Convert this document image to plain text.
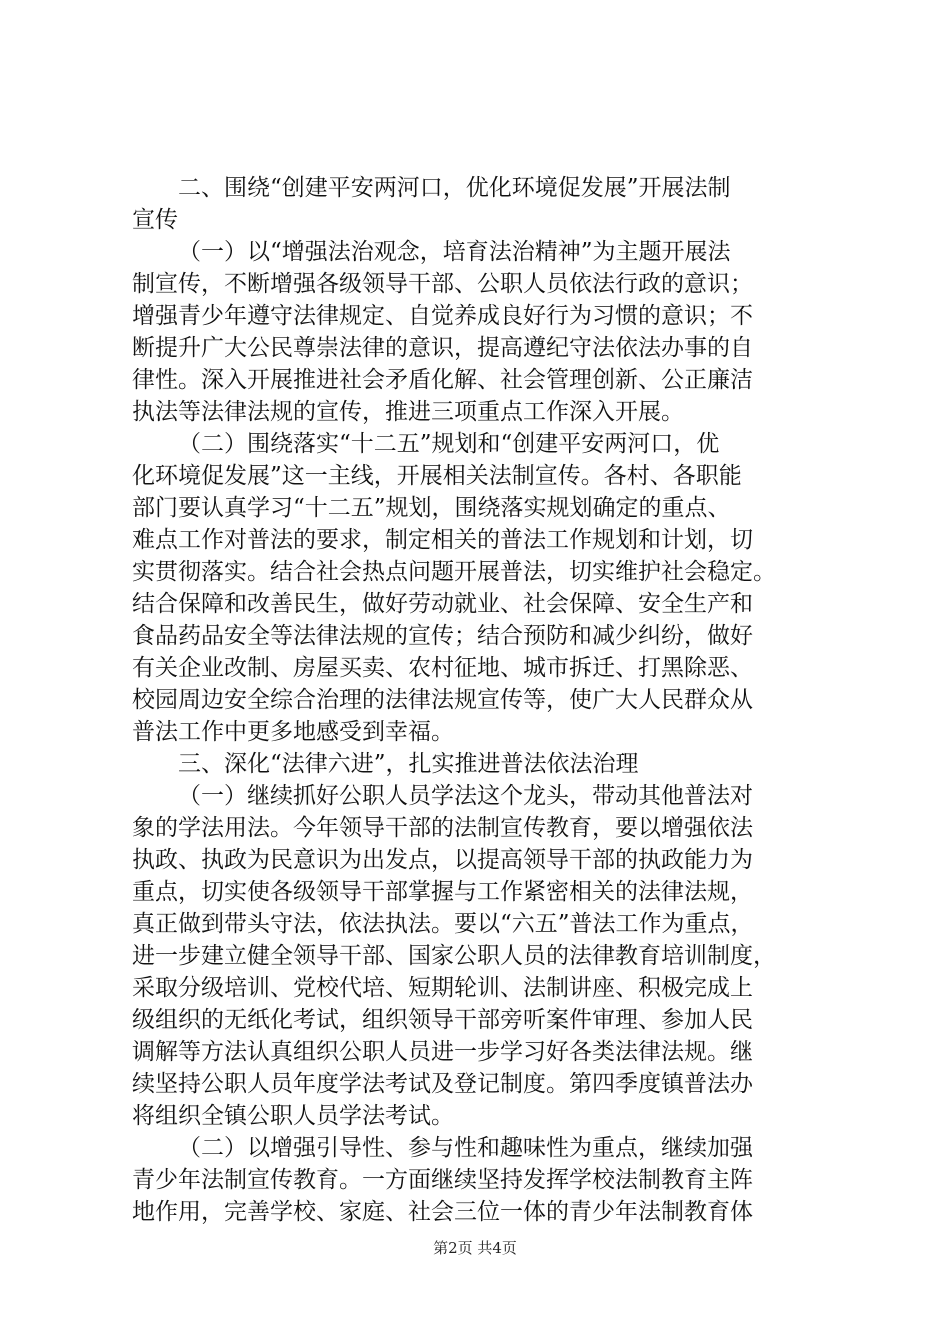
二、围绕“创建平安两河口，优化环境促发展”开展法制
宣传
（一）以“增强法治观念，培育法治精神”为主题开展法
制宣传，不断增强各级领导干部、公职人员依法行政的意识；
增强青少年遵守法律规定、自觉养成良好行为习惯的意识；不
断提升广大公民尊崇法律的意识，提高遵纪守法依法办事的自
律性。深入开展推进社会矛盾化解、社会管理创新、公正廉洁
执法等法律法规的宣传，推进三项重点工作深入开展。
（二）围绕落实“十二五”规划和“创建平安两河口，优
化环境促发展”这一主线，开展相关法制宣传。各村、各职能
部门要认真学习“十二五”规划，围绕落实规划确定的重点、
难点工作对普法的要求，制定相关的普法工作规划和计划，切
实贯彻落实。结合社会热点问题开展普法，切实维护社会稳定。
结合保障和改善民生，做好劳动就业、社会保障、安全生产和
食品药品安全等法律法规的宣传；结合预防和减少纠纷，做好
有关企业改制、房屋买卖、农村征地、城市拆迁、打黑除恶、
校园周边安全综合治理的法律法规宣传等，使广大人民群众从
普法工作中更多地感受到幸福。
三、深化“法律六进”，扎实推进普法依法治理
（一）继续抓好公职人员学法这个龙头，带动其他普法对
象的学法用法。今年领导干部的法制宣传教育，要以增强依法
执政、执政为民意识为出发点，以提高领导干部的执政能力为
重点，切实使各级领导干部掌握与工作紧密相关的法律法规，
真正做到带头守法，依法执法。要以“六五”普法工作为重点，
进一步建立健全领导干部、国家公职人员的法律教育培训制度，
采取分级培训、党校代培、短期轮训、法制讲座、积极完成上
级组织的无纸化考试，组织领导干部旁听案件审理、参加人民
调解等方法认真组织公职人员进一步学习好各类法律法规。继
续坚持公职人员年度学法考试及登记制度。第四季度镇普法办
将组织全镇公职人员学法考试。
（二）以增强引导性、参与性和趣味性为重点，继续加强
青少年法制宣传教育。一方面继续坚持发挥学校法制教育主阵
地作用，完善学校、家庭、社会三位一体的青少年法制教育体
第2页 共4页
